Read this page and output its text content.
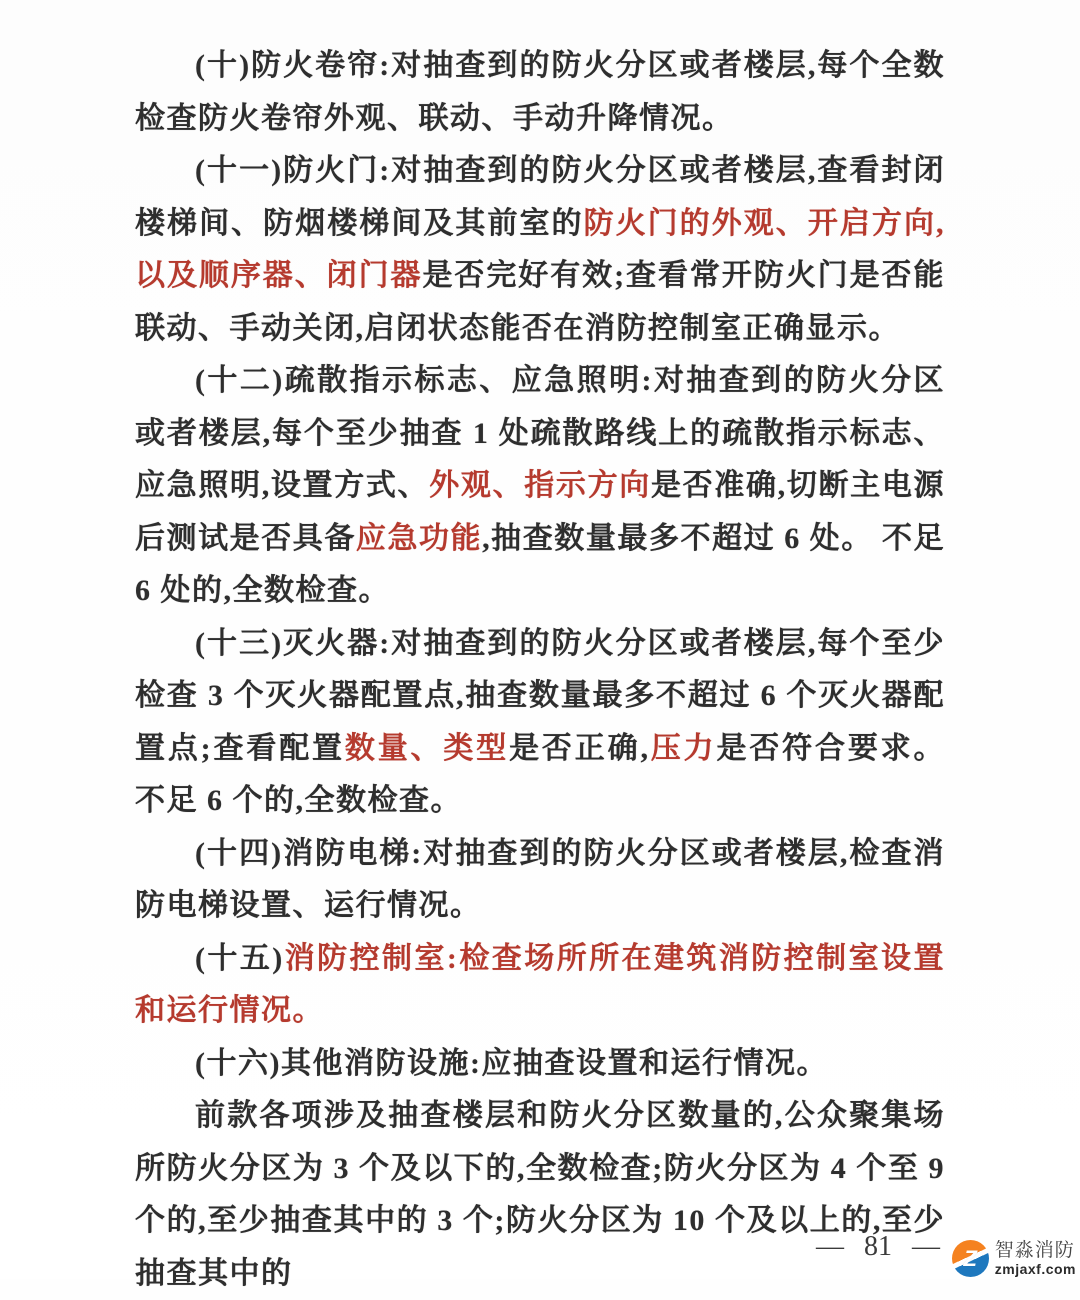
(十)防火卷帘:对抽查到的防火分区或者楼层,每个全数检查防火卷帘外观、联动、手动升降情况。

(十一)防火门:对抽查到的防火分区或者楼层,查看封闭楼梯间、防烟楼梯间及其前室的防火门的外观、开启方向,以及顺序器、闭门器是否完好有效;查看常开防火门是否能联动、手动关闭,启闭状态能否在消防控制室正确显示。

(十二)疏散指示标志、应急照明:对抽查到的防火分区或者楼层,每个至少抽查 1 处疏散路线上的疏散指示标志、应急照明,设置方式、外观、指示方向是否准确,切断主电源后测试是否具备应急功能,抽查数量最多不超过 6 处。 不足 6 处的,全数检查。

(十三)灭火器:对抽查到的防火分区或者楼层,每个至少检查 3 个灭火器配置点,抽查数量最多不超过 6 个灭火器配置点;查看配置数量、类型是否正确,压力是否符合要求。 不足 6 个的,全数检查。

(十四)消防电梯:对抽查到的防火分区或者楼层,检查消防电梯设置、运行情况。

(十五)消防控制室:检查场所所在建筑消防控制室设置和运行情况。

(十六)其他消防设施:应抽查设置和运行情况。

前款各项涉及抽查楼层和防火分区数量的,公众聚集场所防火分区为 3 个及以下的,全数检查;防火分区为 4 个至 9 个的,至少抽查其中的 3 个;防火分区为 10 个及以上的,至少抽查其中的

— 81 —	Z 智淼消防
zmjaxf.com
